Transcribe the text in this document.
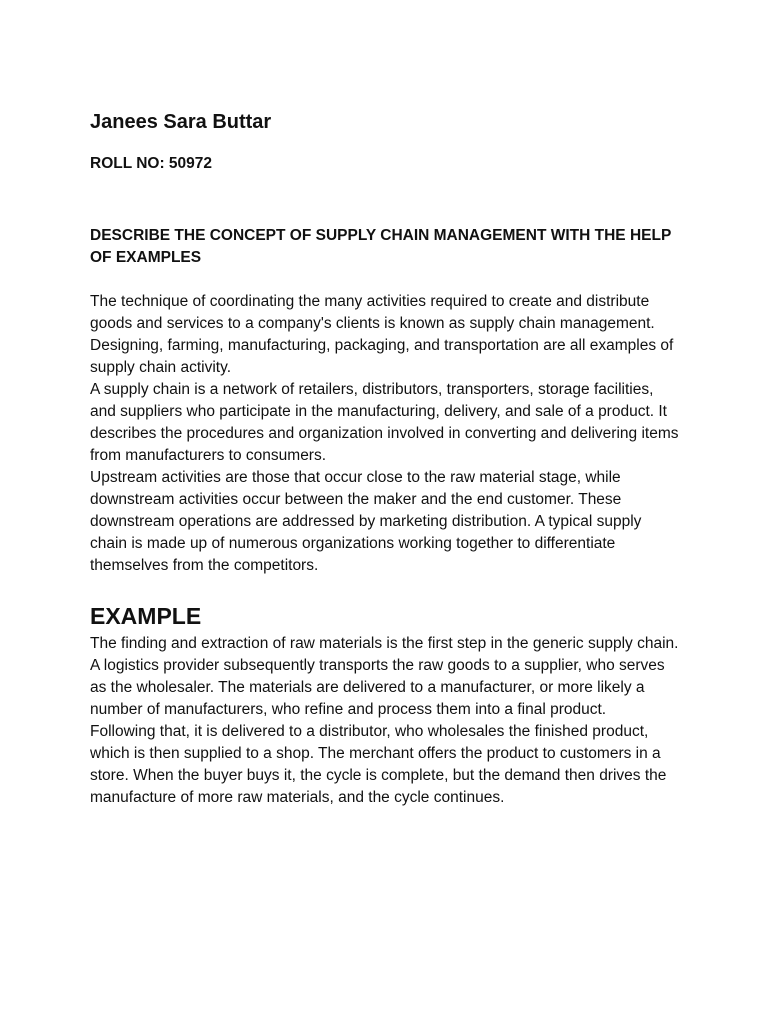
Janees Sara Buttar

ROLL NO: 50972

DESCRIBE THE CONCEPT OF SUPPLY CHAIN MANAGEMENT WITH THE HELP OF EXAMPLES

The technique of coordinating the many activities required to create and distribute goods and services to a company's clients is known as supply chain management. Designing, farming, manufacturing, packaging, and transportation are all examples of supply chain activity.

A supply chain is a network of retailers, distributors, transporters, storage facilities, and suppliers who participate in the manufacturing, delivery, and sale of a product. It describes the procedures and organization involved in converting and delivering items from manufacturers to consumers.

Upstream activities are those that occur close to the raw material stage, while downstream activities occur between the maker and the end customer. These downstream operations are addressed by marketing distribution. A typical supply chain is made up of numerous organizations working together to differentiate themselves from the competitors.

EXAMPLE

The finding and extraction of raw materials is the first step in the generic supply chain. A logistics provider subsequently transports the raw goods to a supplier, who serves as the wholesaler. The materials are delivered to a manufacturer, or more likely a number of manufacturers, who refine and process them into a final product.

Following that, it is delivered to a distributor, who wholesales the finished product, which is then supplied to a shop. The merchant offers the product to customers in a store. When the buyer buys it, the cycle is complete, but the demand then drives the manufacture of more raw materials, and the cycle continues.
